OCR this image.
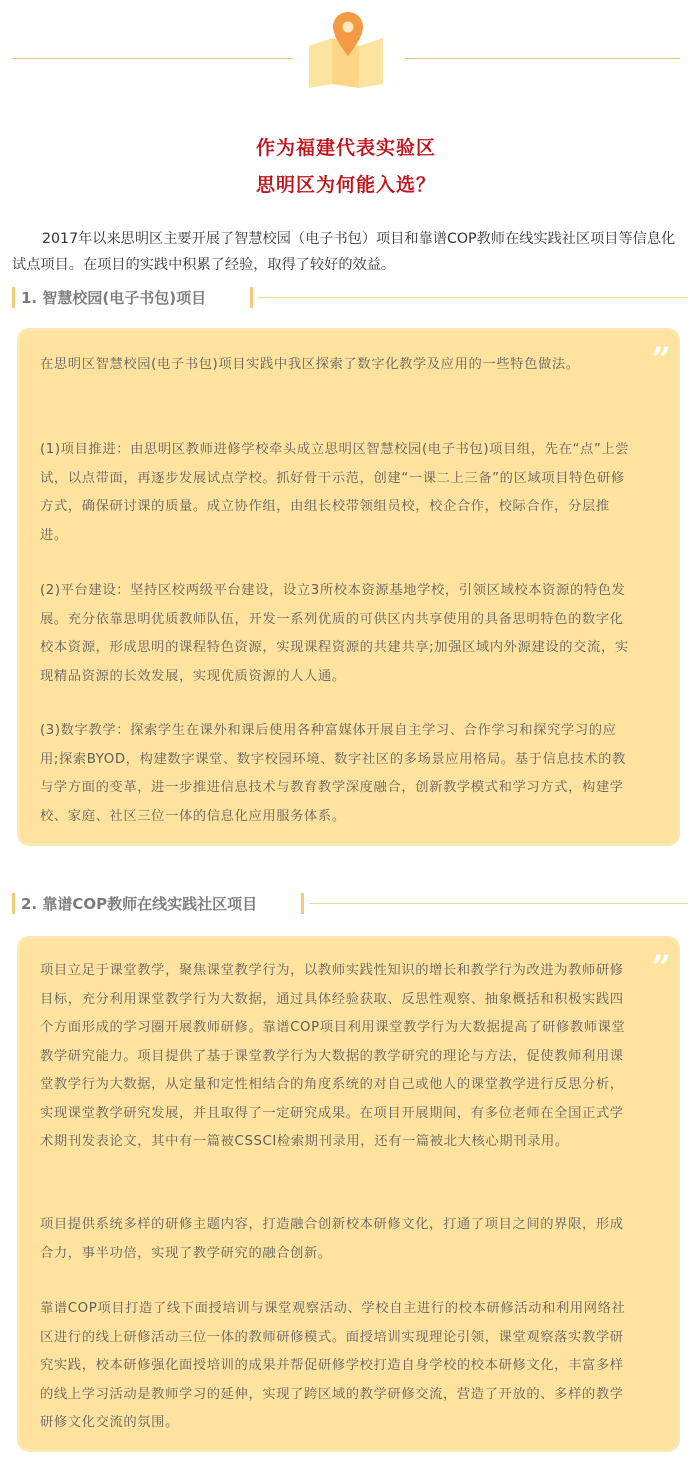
作为福建代表实验区
思明区为何能入选？

2017年以来思明区主要开展了智慧校园（电子书包）项目和靠谱COP教师在线实践社区项目等信息化试点项目。在项目的实践中积累了经验，取得了较好的效益。

1. 智慧校园(电子书包)项目
”

在思明区智慧校园(电子书包)项目实践中我区探索了数字化教学及应用的一些特色做法。

(1)项目推进：由思明区教师进修学校牵头成立思明区智慧校园(电子书包)项目组，先在“点”上尝试，以点带面，再逐步发展试点学校。抓好骨干示范，创建“一课二上三备”的区域项目特色研修方式，确保研讨课的质量。成立协作组，由组长校带领组员校，校企合作，校际合作，分层推进。

(2)平台建设：坚持区校两级平台建设，设立3所校本资源基地学校，引领区域校本资源的特色发展。充分依靠思明优质教师队伍，开发一系列优质的可供区内共享使用的具备思明特色的数字化校本资源，形成思明的课程特色资源，实现课程资源的共建共享;加强区域内外源建设的交流，实现精品资源的长效发展，实现优质资源的人人通。

(3)数字教学：探索学生在课外和课后使用各种富媒体开展自主学习、合作学习和探究学习的应用;探索BYOD，构建数字课堂、数字校园环境、数字社区的多场景应用格局。基于信息技术的教与学方面的变革，进一步推进信息技术与教育教学深度融合，创新教学模式和学习方式，构建学校、家庭、社区三位一体的信息化应用服务体系。

2. 靠谱COP教师在线实践社区项目
”

项目立足于课堂教学，聚焦课堂教学行为，以教师实践性知识的增长和教学行为改进为教师研修目标，充分利用课堂教学行为大数据，通过具体经验获取、反思性观察、抽象概括和积极实践四个方面形成的学习圈开展教师研修。靠谱COP项目利用课堂教学行为大数据提高了研修教师课堂教学研究能力。项目提供了基于课堂教学行为大数据的教学研究的理论与方法，促使教师利用课堂教学行为大数据，从定量和定性相结合的角度系统的对自己或他人的课堂教学进行反思分析，实现课堂教学研究发展，并且取得了一定研究成果。在项目开展期间，有多位老师在全国正式学术期刊发表论文，其中有一篇被CSSCI检索期刊录用，还有一篇被北大核心期刊录用。

项目提供系统多样的研修主题内容，打造融合创新校本研修文化，打通了项目之间的界限，形成合力，事半功倍，实现了教学研究的融合创新。

靠谱COP项目打造了线下面授培训与课堂观察活动、学校自主进行的校本研修活动和利用网络社区进行的线上研修活动三位一体的教师研修模式。面授培训实现理论引领，课堂观察落实教学研究实践，校本研修强化面授培训的成果并帮促研修学校打造自身学校的校本研修文化，丰富多样的线上学习活动是教师学习的延伸，实现了跨区域的教学研修交流，营造了开放的、多样的教学研修文化交流的氛围。
